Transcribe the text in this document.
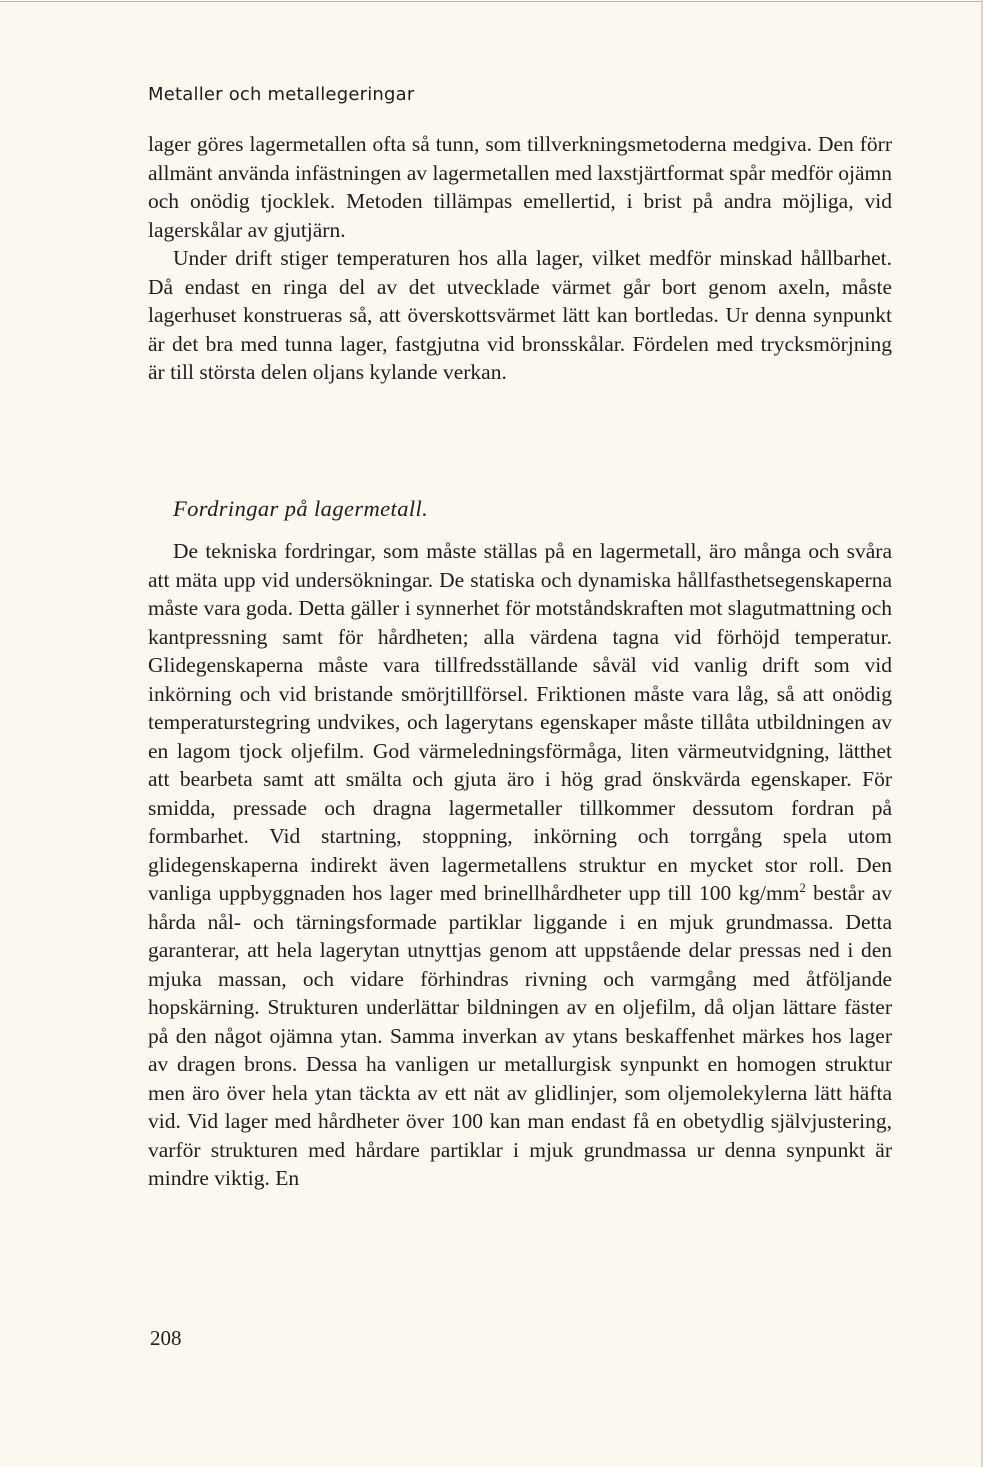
Metaller och metallegeringar

lager göres lagermetallen ofta så tunn, som tillverkningsmetoderna medgiva. Den förr allmänt använda infästningen av lagermetallen med laxstjärtformat spår medför ojämn och onödig tjocklek. Metoden tillämpas emellertid, i brist på andra möjliga, vid lagerskålar av gjutjärn.

Under drift stiger temperaturen hos alla lager, vilket medför minskad hållbarhet. Då endast en ringa del av det utvecklade värmet går bort genom axeln, måste lagerhuset konstrueras så, att överskottsvärmet lätt kan bortledas. Ur denna synpunkt är det bra med tunna lager, fastgjutna vid bronsskålar. Fördelen med trycksmörjning är till största delen oljans kylande verkan.

Fordringar på lagermetall.

De tekniska fordringar, som måste ställas på en lagermetall, äro många och svåra att mäta upp vid undersökningar. De statiska och dynamiska hållfasthetsegenskaperna måste vara goda. Detta gäller i synnerhet för motståndskraften mot slagutmattning och kantpressning samt för hårdheten; alla värdena tagna vid förhöjd temperatur. Glidegenskaperna måste vara tillfredsställande såväl vid vanlig drift som vid inkörning och vid bristande smörjtillförsel. Friktionen måste vara låg, så att onödig temperaturstegring undvikes, och lagerytans egenskaper måste tillåta utbildningen av en lagom tjock oljefilm. God värmeledningsförmåga, liten värmeutvidgning, lätthet att bearbeta samt att smälta och gjuta äro i hög grad önskvärda egenskaper. För smidda, pressade och dragna lagermetaller tillkommer dessutom fordran på formbarhet. Vid startning, stoppning, inkörning och torrgång spela utom glidegenskaperna indirekt även lagermetallens struktur en mycket stor roll. Den vanliga uppbyggnaden hos lager med brinellhårdheter upp till 100 $kg/mm^2$ består av hårda nål- och tärningsformade partiklar liggande i en mjuk grundmassa. Detta garanterar, att hela lagerytan utnyttjas genom att uppstående delar pressas ned i den mjuka massan, och vidare förhindras rivning och varmgång med åtföljande hopskärning. Strukturen underlättar bildningen av en oljefilm, då oljan lättare fäster på den något ojämna ytan. Samma inverkan av ytans beskaffenhet märkes hos lager av dragen brons. Dessa ha vanligen ur metallurgisk synpunkt en homogen struktur men äro över hela ytan täckta av ett nät av glidlinjer, som oljemolekylerna lätt häfta vid. Vid lager med hårdheter över 100 kan man endast få en obetydlig självjustering, varför strukturen med hårdare partiklar i mjuk grundmassa ur denna synpunkt är mindre viktig. En

208
